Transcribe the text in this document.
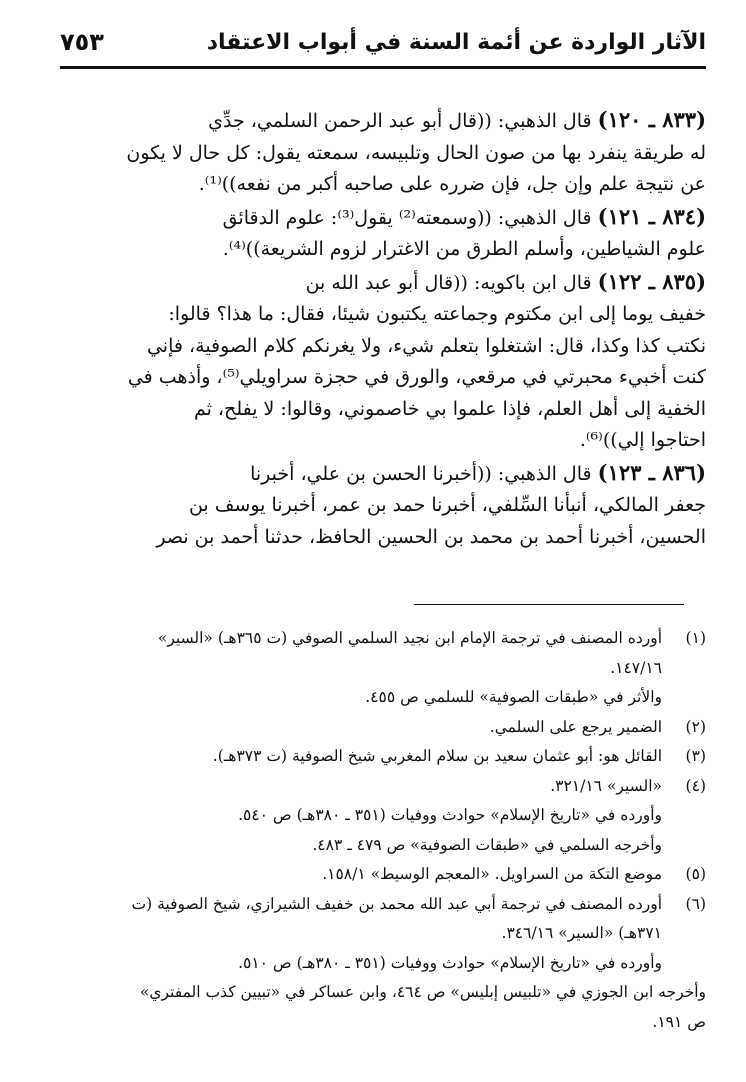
الآثار الواردة عن أئمة السنة في أبواب الاعتقاد
٧٥٣
(٨٣٣ ـ ١٢٠) قال الذهبي: ((قال أبو عبد الرحمن السلمي، جدِّي
له طريقة ينفرد بها من صون الحال وتلبيسه، سمعته يقول: كل حال لا يكون
عن نتيجة علم وإن جل، فإن ضرره على صاحبه أكبر من نفعه))⁽¹⁾.
(٨٣٤ ـ ١٢١) قال الذهبي: ((وسمعته⁽²⁾ يقول⁽³⁾: علوم الدقائق
علوم الشياطين، وأسلم الطرق من الاغترار لزوم الشريعة))⁽⁴⁾.
(٨٣٥ ـ ١٢٢) قال ابن باكويه: ((قال أبو عبد الله بن
خفيف يوما إلى ابن مكتوم وجماعته يكتبون شيئا، فقال: ما هذا؟ قالوا:
نكتب كذا وكذا، قال: اشتغلوا بتعلم شيء، ولا يغرنكم كلام الصوفية، فإني
كنت أخبيء محبرتي في مرقعي، والورق في حجزة سراويلي⁽⁵⁾، وأذهب في
الخفية إلى أهل العلم، فإذا علموا بي خاصموني، وقالوا: لا يفلح، ثم
احتاجوا إلي))⁽⁶⁾.
(٨٣٦ ـ ١٢٣) قال الذهبي: ((أخبرنا الحسن بن علي، أخبرنا
جعفر المالكي، أنبأنا السِّلفي، أخبرنا حمد بن عمر، أخبرنا يوسف بن
الحسين، أخبرنا أحمد بن محمد بن الحسين الحافظ، حدثنا أحمد بن نصر
(١)
أورده المصنف في ترجمة الإمام ابن نجيد السلمي الصوفي (ت ٣٦٥هـ) «السير»
١٤٧/١٦.
والأثر في «طبقات الصوفية» للسلمي ص ٤٥٥.
(٢)
الضمير يرجع على السلمي.
(٣)
القائل هو: أبو عثمان سعيد بن سلام المغربي شيخ الصوفية (ت ٣٧٣هـ).
(٤)
«السير» ٣٢١/١٦.
وأورده في «تاريخ الإسلام» حوادث ووفيات (٣٥١ ـ ٣٨٠هـ) ص ٥٤٠.
وأخرجه السلمي في «طبقات الصوفية» ص ٤٧٩ ـ ٤٨٣.
(٥)
موضع التكة من السراويل. «المعجم الوسيط» ١٥٨/١.
(٦)
أورده المصنف في ترجمة أبي عبد الله محمد بن خفيف الشيرازي، شيخ الصوفية (ت
٣٧١هـ) «السير» ٣٤٦/١٦.
وأورده في «تاريخ الإسلام» حوادث ووفيات (٣٥١ ـ ٣٨٠هـ) ص ٥١٠.
وأخرجه ابن الجوزي في «تلبيس إبليس» ص ٤٦٤، وابن عساكر في «تبيين كذب المفتري»
ص ١٩١.
